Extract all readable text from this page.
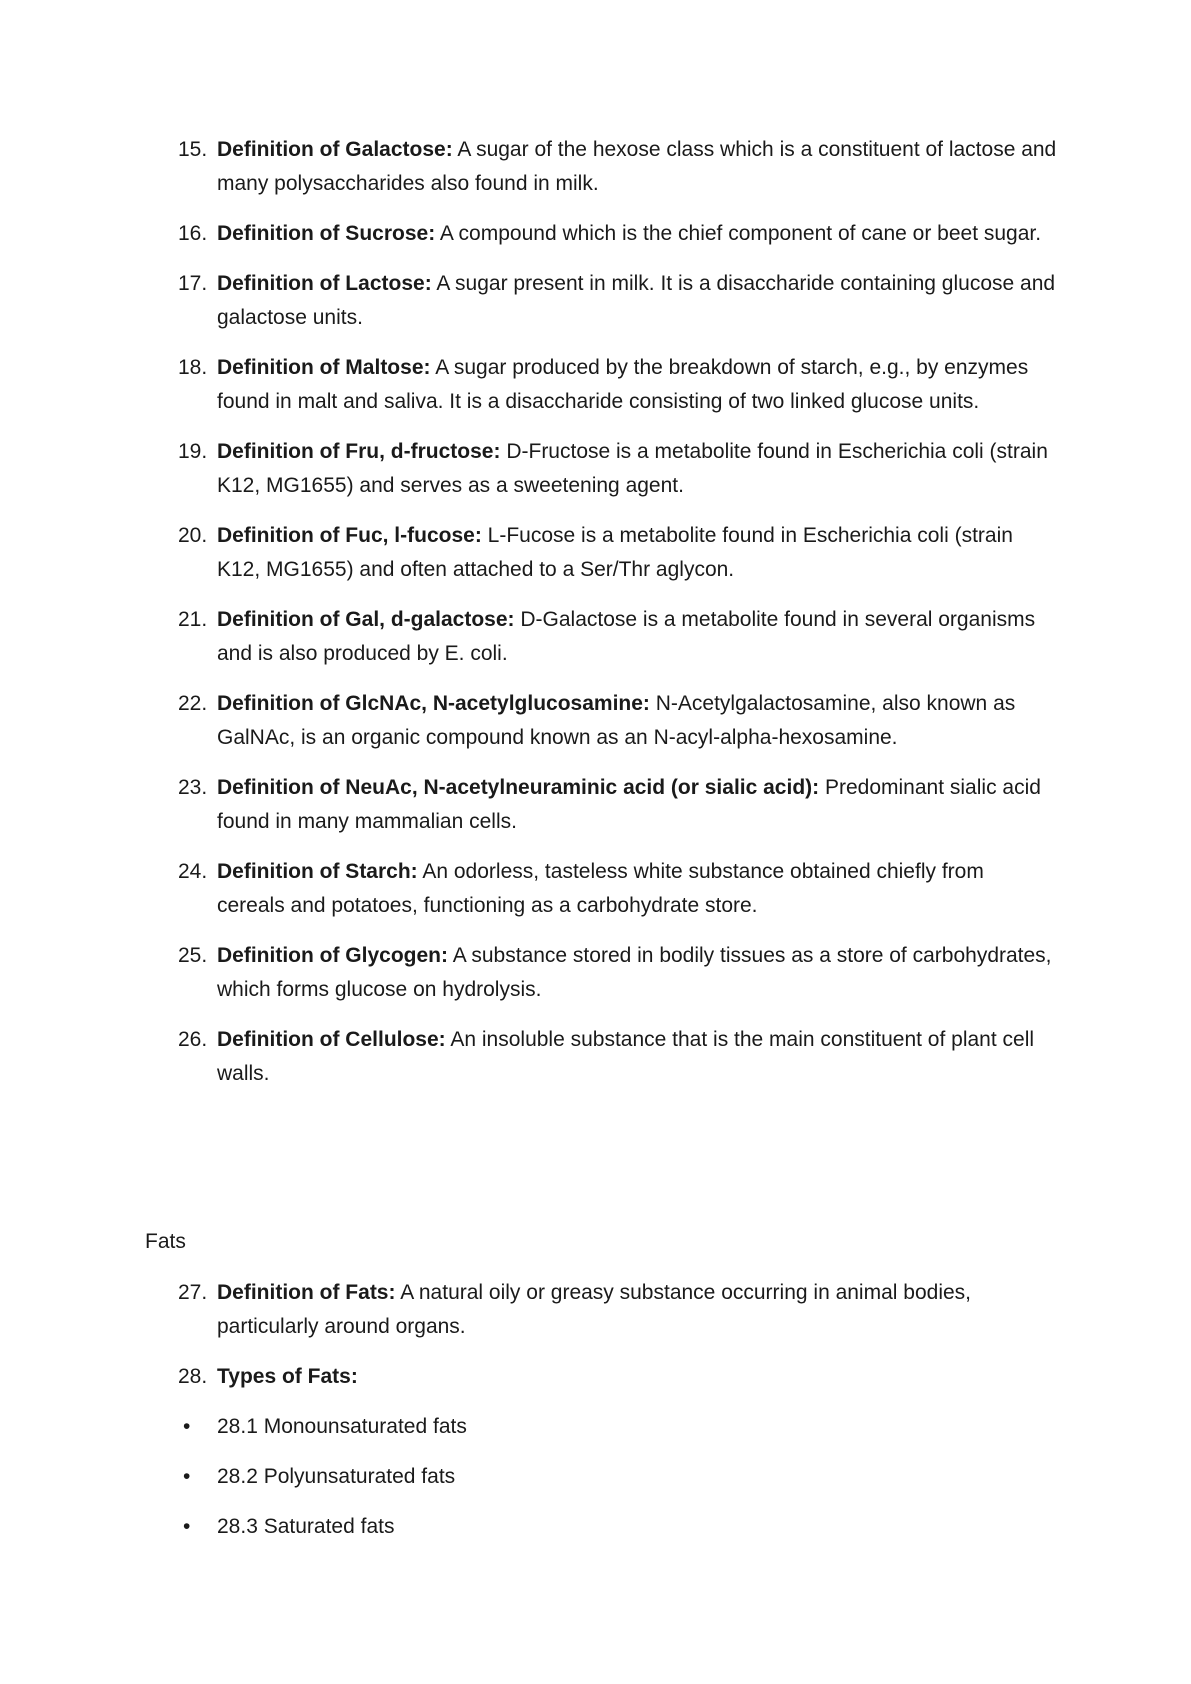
15. Definition of Galactose: A sugar of the hexose class which is a constituent of lactose and many polysaccharides also found in milk.
16. Definition of Sucrose: A compound which is the chief component of cane or beet sugar.
17. Definition of Lactose: A sugar present in milk. It is a disaccharide containing glucose and galactose units.
18. Definition of Maltose: A sugar produced by the breakdown of starch, e.g., by enzymes found in malt and saliva. It is a disaccharide consisting of two linked glucose units.
19. Definition of Fru, d-fructose: D-Fructose is a metabolite found in Escherichia coli (strain K12, MG1655) and serves as a sweetening agent.
20. Definition of Fuc, l-fucose: L-Fucose is a metabolite found in Escherichia coli (strain K12, MG1655) and often attached to a Ser/Thr aglycon.
21. Definition of Gal, d-galactose: D-Galactose is a metabolite found in several organisms and is also produced by E. coli.
22. Definition of GlcNAc, N-acetylglucosamine: N-Acetylgalactosamine, also known as GalNAc, is an organic compound known as an N-acyl-alpha-hexosamine.
23. Definition of NeuAc, N-acetylneuraminic acid (or sialic acid): Predominant sialic acid found in many mammalian cells.
24. Definition of Starch: An odorless, tasteless white substance obtained chiefly from cereals and potatoes, functioning as a carbohydrate store.
25. Definition of Glycogen: A substance stored in bodily tissues as a store of carbohydrates, which forms glucose on hydrolysis.
26. Definition of Cellulose: An insoluble substance that is the main constituent of plant cell walls.

Fats

27. Definition of Fats: A natural oily or greasy substance occurring in animal bodies, particularly around organs.
28. Types of Fats:
• 28.1 Monounsaturated fats
• 28.2 Polyunsaturated fats
• 28.3 Saturated fats
